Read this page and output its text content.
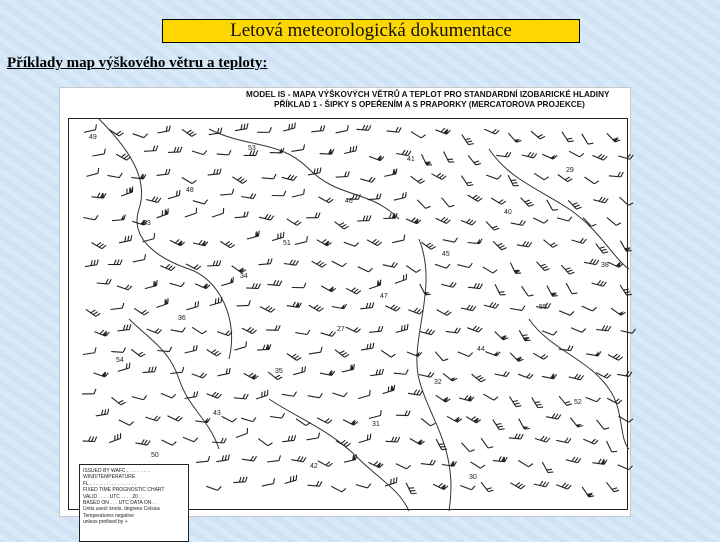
Letová meteorologická dokumentace
Příklady map výškového větru a teploty:
MODEL IS - MAPA VÝŠKOVÝCH VĚTRŮ A TEPLOT PRO STANDARDNÍ IZOBARICKÉ HLADINY
PŘÍKLAD 1 - ŠIPKY S OPEŘENÍM A S PRAPORKY (MERCATOROVA PROJEKCE)
49
48
51
47
44
52
50
53
46
45
55
54
43
42
41
40
38
36
35
31
30
29
33
34
27
32
ISSUED BY WAFC . . . . . . . . .
WIND/TEMPERATURE
FL . . . . . . . . . . . . . . . . .
FIXED TIME PROGNOSTIC CHART
VALID . . . . UTC . . . . 20 . .
BASED ON . . . UTC DATA ON . .
Units used: knots, degrees Celsius
Temperatures negative
unless prefixed by +
